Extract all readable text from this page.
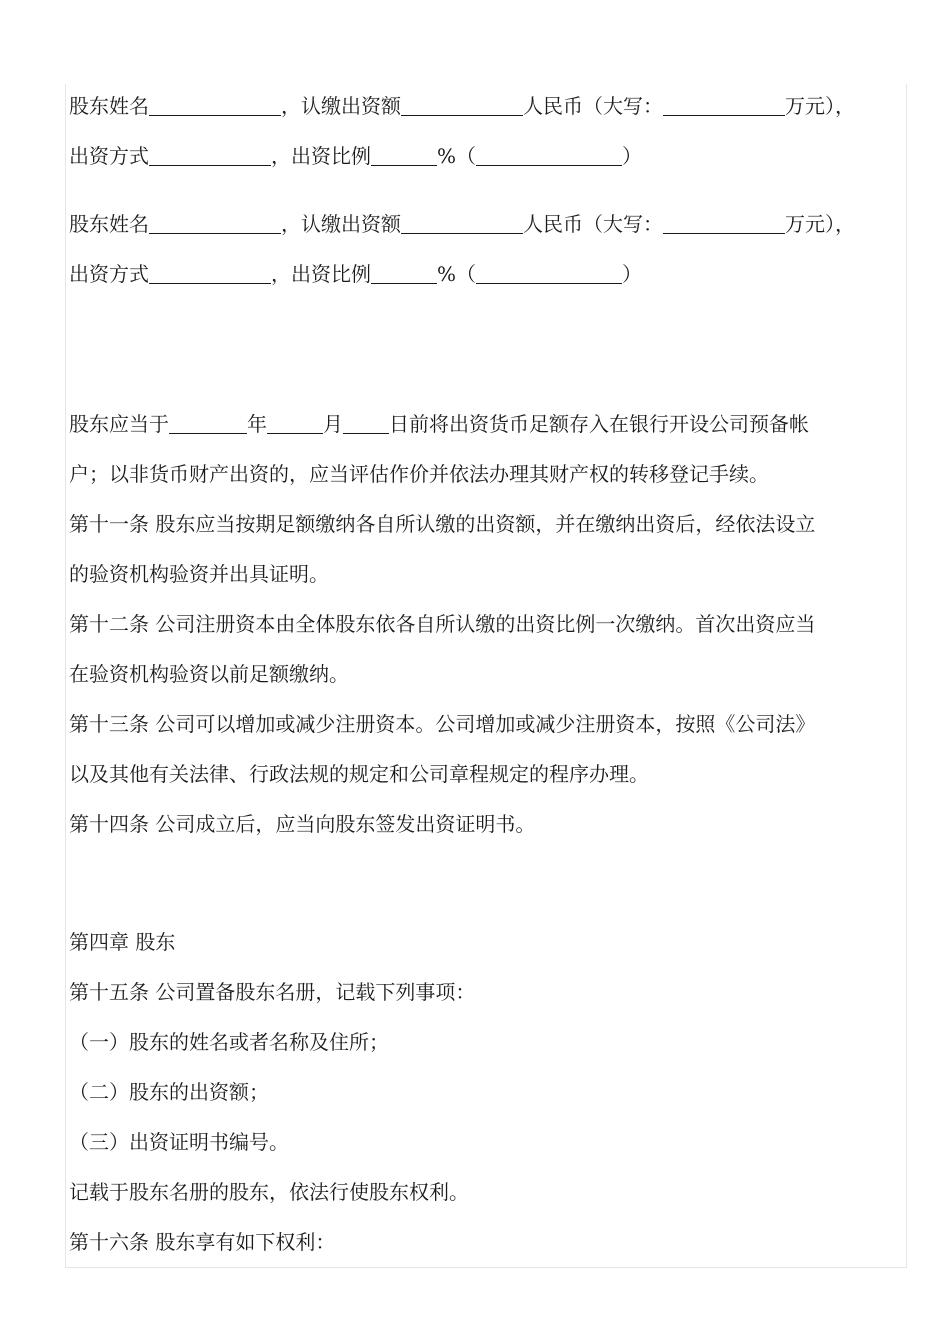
股东姓名	，认缴出资额	人民币（大写：	万元），
出资方式	，出资比例	%（	）
股东姓名	，认缴出资额	人民币（大写：	万元），
出资方式	，出资比例	%（	）
股东应当于	年	月 日前将出资货币足额存入在银行开设公司预备帐
户；以非货币财产出资的，应当评估作价并依法办理其财产权的转移登记手续。
第十一条 股东应当按期足额缴纳各自所认缴的出资额，并在缴纳出资后，经依法设立
的验资机构验资并出具证明。
第十二条 公司注册资本由全体股东依各自所认缴的出资比例一次缴纳。首次出资应当
在验资机构验资以前足额缴纳。
第十三条 公司可以增加或减少注册资本。公司增加或减少注册资本，按照《公司法》
以及其他有关法律、行政法规的规定和公司章程规定的程序办理。
第十四条 公司成立后，应当向股东签发出资证明书。
第四章 股东
第十五条 公司置备股东名册，记载下列事项：
（一）股东的姓名或者名称及住所；
（二）股东的出资额；
（三）出资证明书编号。
记载于股东名册的股东，依法行使股东权利。
第十六条 股东享有如下权利：
